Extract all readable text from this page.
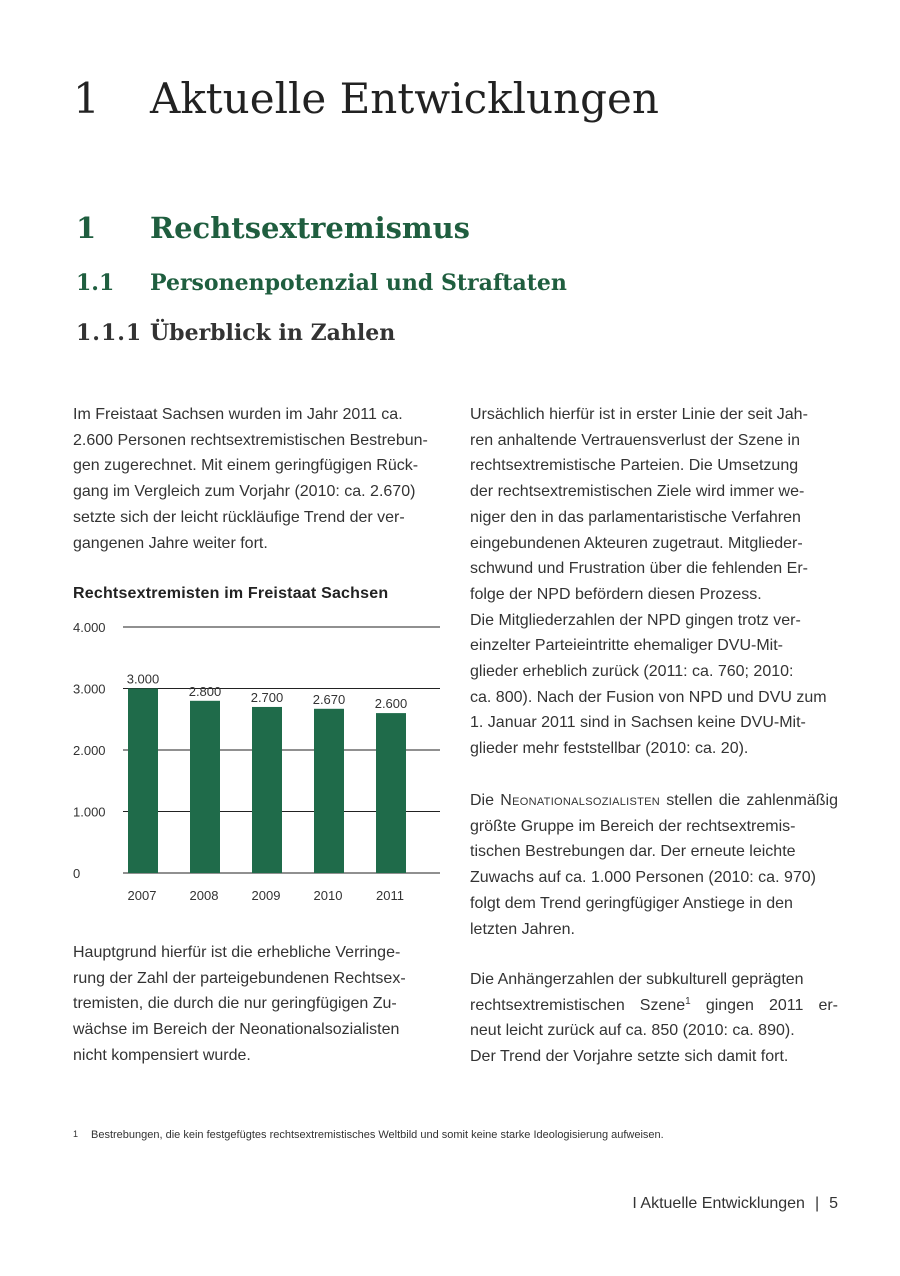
1 Aktuelle Entwicklungen
1 Rechtsextremismus
1.1 Personenpotenzial und Straftaten
1.1.1 Überblick in Zahlen
Im Freistaat Sachsen wurden im Jahr 2011 ca.
2.600 Personen rechtsextremistischen Bestrebun-
gen zugerechnet. Mit einem geringfügigen Rück-
gang im Vergleich zum Vorjahr (2010: ca. 2.670)
setzte sich der leicht rückläufige Trend der ver-
gangenen Jahre weiter fort.
Rechtsextremisten im Freistaat Sachsen
0
1.000
2.000
3.000
4.000
3.000
2007
2.800
2008
2.700
2009
2.670
2010
2.600
2011
Hauptgrund hierfür ist die erhebliche Verringe-
rung der Zahl der parteigebundenen Rechtsex-
tremisten, die durch die nur geringfügigen Zu-
wächse im Bereich der Neonationalsozialisten
nicht kompensiert wurde.
Ursächlich hierfür ist in erster Linie der seit Jah-
ren anhaltende Vertrauensverlust der Szene in
rechtsextremistische Parteien. Die Umsetzung
der rechtsextremistischen Ziele wird immer we-
niger den in das parlamentaristische Verfahren
eingebundenen Akteuren zugetraut. Mitglieder-
schwund und Frustration über die fehlenden Er-
folge der NPD befördern diesen Prozess.
Die Mitgliederzahlen der NPD gingen trotz ver-
einzelter Parteieintritte ehemaliger DVU-Mit-
glieder erheblich zurück (2011: ca. 760; 2010:
ca. 800). Nach der Fusion von NPD und DVU zum
1. Januar 2011 sind in Sachsen keine DVU-Mit-
glieder mehr feststellbar (2010: ca. 20).
Die Neonationalsozialisten stellen die zahlenmäßig
größte Gruppe im Bereich der rechtsextremis-
tischen Bestrebungen dar. Der erneute leichte
Zuwachs auf ca. 1.000 Personen (2010: ca. 970)
folgt dem Trend geringfügiger Anstiege in den
letzten Jahren.
Die Anhängerzahlen der subkulturell geprägten
rechtsextremistischen Szene$^1$ gingen 2011 er-
neut leicht zurück auf ca. 850 (2010: ca. 890).
Der Trend der Vorjahre setzte sich damit fort.
1 Bestrebungen, die kein festgefügtes rechtsextremistisches Weltbild und somit keine starke Ideologisierung aufweisen.
I Aktuelle Entwicklungen | 5
